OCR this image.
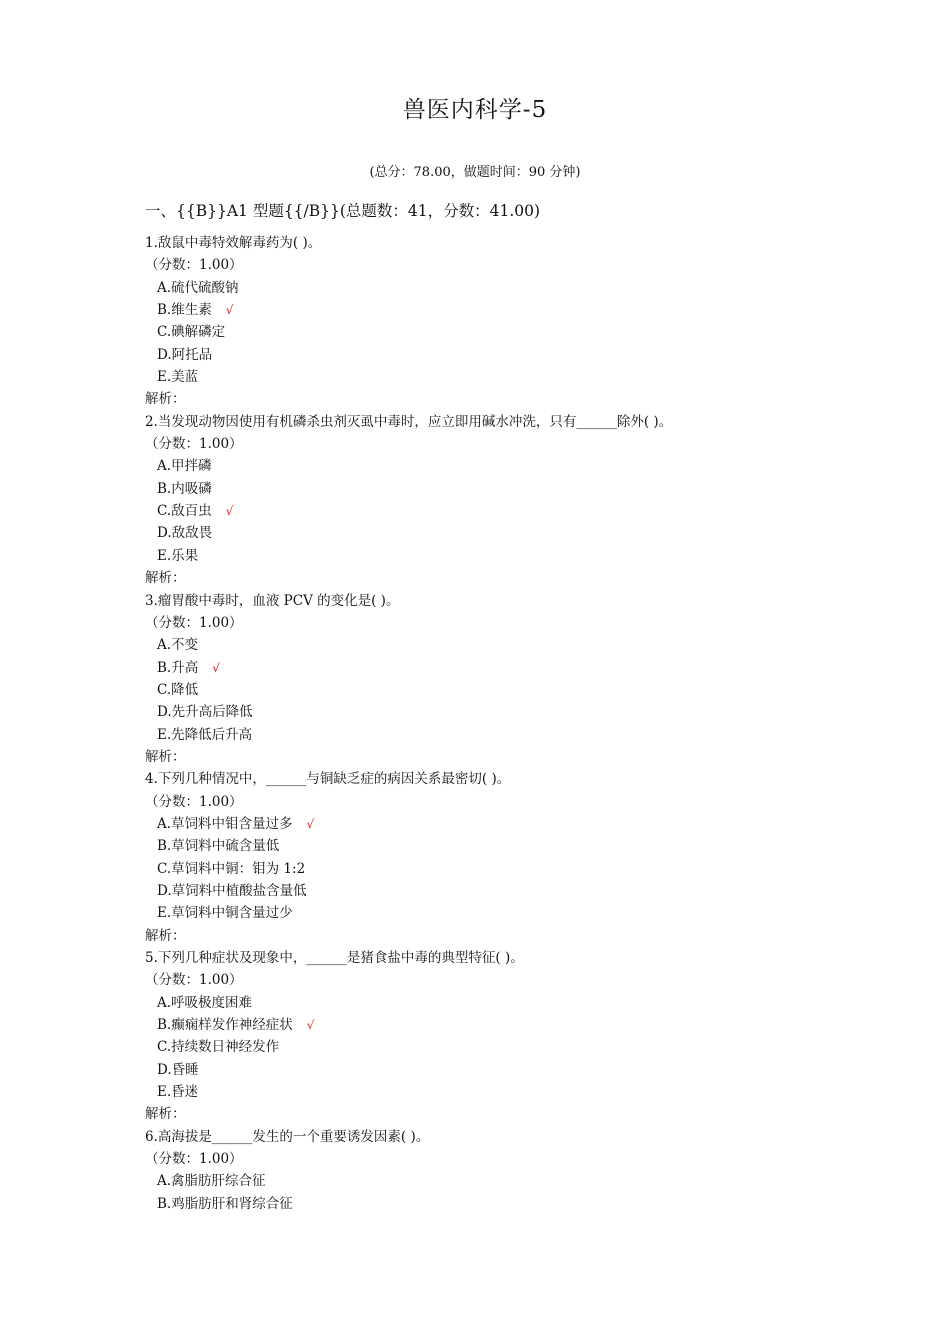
兽医内科学-5
(总分：78.00，做题时间：90 分钟)
一、{{B}}A1 型题{{/B}}(总题数：41，分数：41.00)
1.敌鼠中毒特效解毒药为( )。
（分数：1.00）
A.硫代硫酸钠
B.维生素 √
C.碘解磷定
D.阿托品
E.美蓝
解析：
2.当发现动物因使用有机磷杀虫剂灭虱中毒时，应立即用碱水冲洗，只有______除外( )。
（分数：1.00）
A.甲拌磷
B.内吸磷
C.敌百虫 √
D.敌敌畏
E.乐果
解析：
3.瘤胃酸中毒时，血液 PCV 的变化是( )。
（分数：1.00）
A.不变
B.升高 √
C.降低
D.先升高后降低
E.先降低后升高
解析：
4.下列几种情况中，______与铜缺乏症的病因关系最密切( )。
（分数：1.00）
A.草饲料中钼含量过多 √
B.草饲料中硫含量低
C.草饲料中铜：钼为 1:2
D.草饲料中植酸盐含量低
E.草饲料中铜含量过少
解析：
5.下列几种症状及现象中，______是猪食盐中毒的典型特征( )。
（分数：1.00）
A.呼吸极度困难
B.癫痫样发作神经症状 √
C.持续数日神经发作
D.昏睡
E.昏迷
解析：
6.高海拔是______发生的一个重要诱发因素( )。
（分数：1.00）
A.禽脂肪肝综合征
B.鸡脂肪肝和肾综合征
